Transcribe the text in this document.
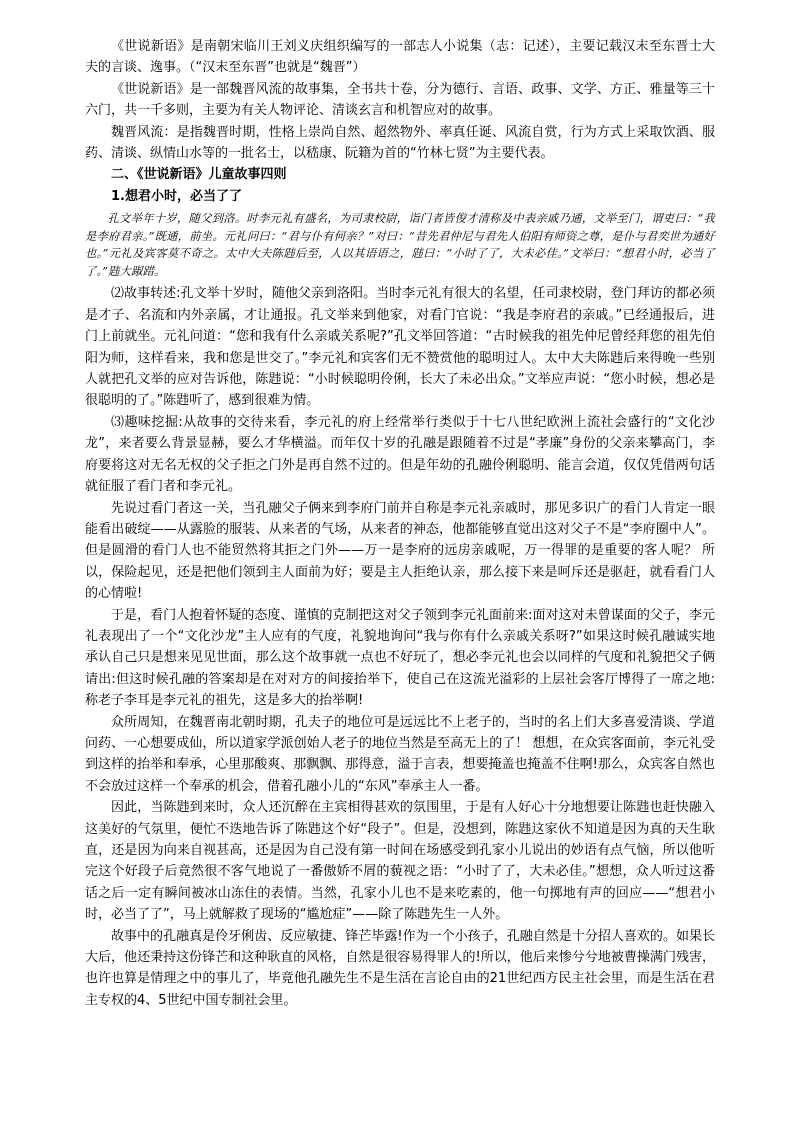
《世说新语》是南朝宋临川王刘义庆组织编写的一部志人小说集（志：记述），主要记载汉末至东晋士大夫的言谈、逸事。（“汉末至东晋”也就是“魏晋”）

《世说新语》是一部魏晋风流的故事集，全书共十卷，分为德行、言语、政事、文学、方正、雅量等三十六门，共一千多则，主要为有关人物评论、清谈玄言和机智应对的故事。

魏晋风流：是指魏晋时期，性格上崇尚自然、超然物外、率真任诞、风流自赏，行为方式上采取饮酒、服药、清谈、纵情山水等的一批名士，以嵇康、阮籍为首的“竹林七贤”为主要代表。

二、《世说新语》儿童故事四则
1.想君小时，必当了了

孔文举年十岁，随父到洛。时李元礼有盛名，为司隶校尉，诣门者皆俊才清称及中表亲戚乃通，文举至门，谓吏曰：“我是李府君亲。”既通，前坐。元礼问曰：“君与仆有何亲？”对曰：“昔先君仲尼与君先人伯阳有师资之尊，是仆与君奕世为通好也。”元礼及宾客莫不奇之。太中大夫陈韪后至，人以其语语之，韪曰：“小时了了，大未必佳。”文举曰：“想君小时，必当了了。”韪大踧踖。

⑵故事转述:孔文举十岁时，随他父亲到洛阳。当时李元礼有很大的名望，任司隶校尉，登门拜访的都必须是才子、名流和内外亲属，才让通报。孔文举来到他家，对看门官说：“我是李府君的亲戚。”已经通报后，进门上前就坐。元礼问道：“您和我有什么亲戚关系呢?”孔文举回答道：“古时候我的祖先仲尼曾经拜您的祖先伯阳为师，这样看来，我和您是世交了。”李元礼和宾客们无不赞赏他的聪明过人。太中大夫陈韪后来得晚一些别人就把孔文举的应对告诉他，陈韪说：“小时候聪明伶俐，长大了未必出众。”文举应声说：“您小时候，想必是很聪明的了。”陈韪听了，感到很难为情。

⑶趣味挖掘:从故事的交待来看，李元礼的府上经常举行类似于十七八世纪欧洲上流社会盛行的“文化沙龙”，来者要么背景显赫，要么才华横溢。而年仅十岁的孔融是跟随着不过是“孝廉”身份的父亲来攀高门，李府要将这对无名无权的父子拒之门外是再自然不过的。但是年幼的孔融伶俐聪明、能言会道，仅仅凭借两句话就征服了看门者和李元礼。

先说过看门者这一关，当孔融父子俩来到李府门前并自称是李元礼亲戚时，那见多识广的看门人肯定一眼能看出破绽——从露脸的服装、从来者的气场，从来者的神态，他都能够直觉出这对父子不是“李府圈中人”。但是圆滑的看门人也不能贸然将其拒之门外——万一是李府的远房亲戚呢，万一得罪的是重要的客人呢？ 所以，保险起见，还是把他们领到主人面前为好；要是主人拒绝认亲，那么接下来是呵斥还是驱赶，就看看门人的心情啦!

于是，看门人抱着怀疑的态度、谨慎的克制把这对父子领到李元礼面前来:面对这对未曾谋面的父子，李元礼表现出了一个“文化沙龙”主人应有的气度，礼貌地询问“我与你有什么亲戚关系呀?”如果这时候孔融诚实地承认自己只是想来见见世面，那么这个故事就一点也不好玩了，想必李元礼也会以同样的气度和礼貌把父子俩请出:但这时候孔融的答案却是在对对方的间接抬举下，使自己在这流光溢彩的上层社会客厅博得了一席之地:称老子李耳是李元礼的祖先，这是多大的抬举啊!

众所周知，在魏晋南北朝时期，孔夫子的地位可是远远比不上老子的，当时的名上们大多喜爱清谈、学道问药、一心想要成仙，所以道家学派创始人老子的地位当然是至高无上的了！ 想想，在众宾客面前，李元礼受到这样的抬举和奉承，心里那酸爽、那飘飘、那得意，溢于言表，想要掩盖也掩盖不住啊!那么，众宾客自然也不会放过这样一个奉承的机会，借着孔融小儿的“东风”奉承主人一番。

因此，当陈韪到来时，众人还沉醉在主宾相得甚欢的氛围里，于是有人好心十分地想要让陈韪也赶快融入这美好的气氛里，便忙不迭地告诉了陈韪这个好“段子”。但是，没想到，陈韪这家伙不知道是因为真的天生耿直，还是因为向来自视甚高，还是因为自己没有第一时间在场感受到孔家小儿说出的妙语有点气恼，所以他听完这个好段子后竟然很不客气地说了一番傲娇不屑的藐视之语：“小时了了，大未必佳。”想想，众人听过这番话之后一定有瞬间被冰山冻住的表情。当然，孔家小儿也不是来吃素的，他一句掷地有声的回应——“想君小时，必当了了”，马上就解救了现场的“尴尬症”——除了陈韪先生一人外。

故事中的孔融真是伶牙俐齿、反应敏捷、锋芒毕露!作为一个小孩子，孔融自然是十分招人喜欢的。如果长大后，他还秉持这份锋芒和这种耿直的风格，自然是很容易得罪人的!所以，他后来惨兮兮地被曹操满门残害，也许也算是情理之中的事儿了，毕竟他孔融先生不是生活在言论自由的21世纪西方民主社会里，而是生活在君主专权的4、5世纪中国专制社会里。
